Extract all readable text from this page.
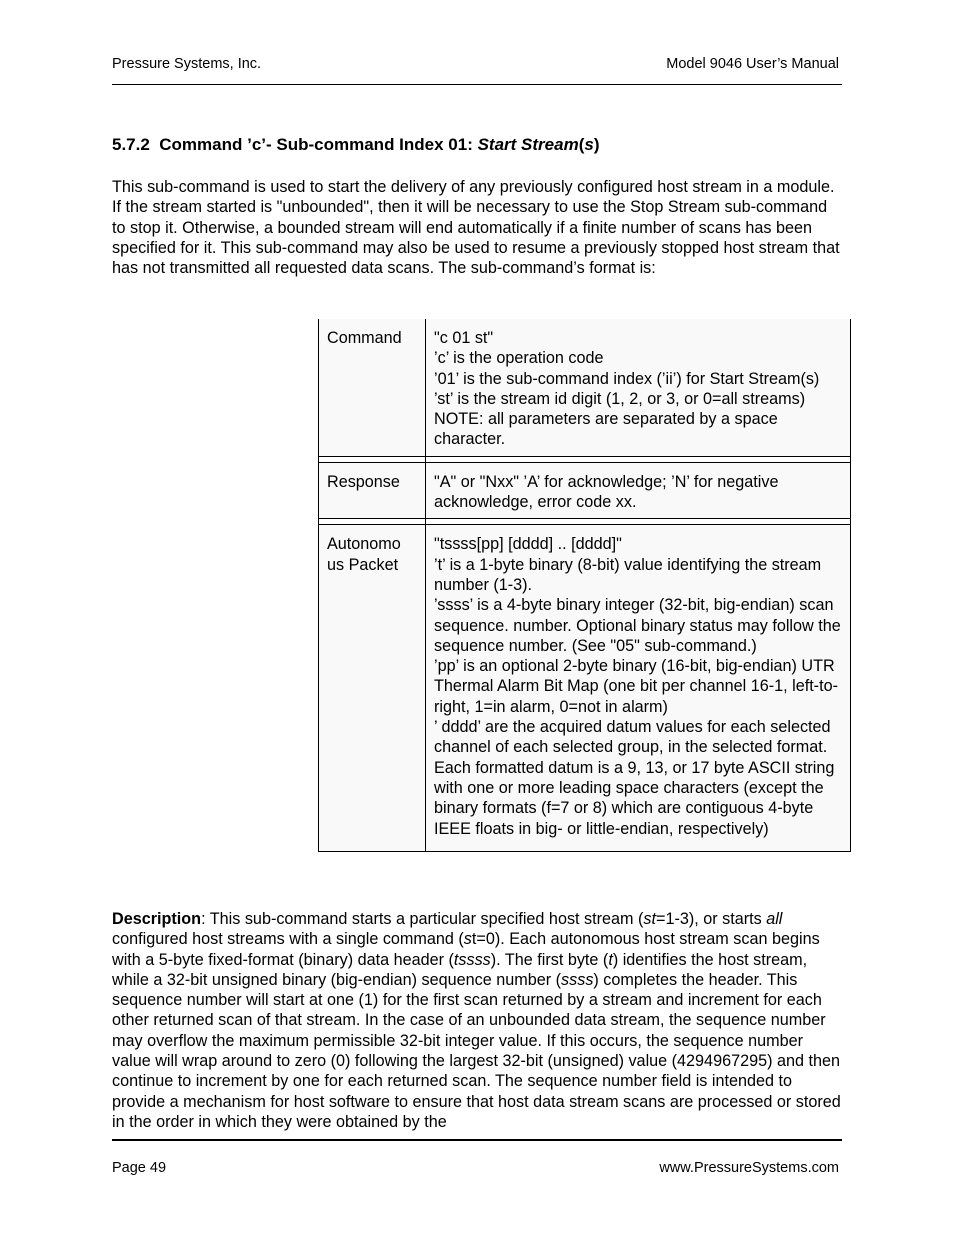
Pressure Systems, Inc.	Model 9046 User’s Manual
5.7.2 Command ’c’- Sub-command Index 01: Start Stream(s)

This sub-command is used to start the delivery of any previously configured host stream in a module. If the stream started is "unbounded", then it will be necessary to use the Stop Stream sub-command to stop it. Otherwise, a bounded stream will end automatically if a finite number of scans has been specified for it. This sub-command may also be used to resume a previously stopped host stream that has not transmitted all requested data scans. The sub-command’s format is:

Command	"c 01 st"
’c’ is the operation code
’01’ is the sub-command index (’ii’) for Start Stream(s)
’st’ is the stream id digit (1, 2, or 3, or 0=all streams)
NOTE: all parameters are separated by a space character.

Response	"A" or "Nxx" ’A’ for acknowledge; ’N’ for negative acknowledge, error code xx.

Autonomo us Packet	"tssss[pp] [dddd] .. [dddd]"
’t’ is a 1-byte binary (8-bit) value identifying the stream number (1-3).
’ssss’ is a 4-byte binary integer (32-bit, big-endian) scan sequence. number. Optional binary status may follow the sequence number. (See "05" sub-command.)
’pp’ is an optional 2-byte binary (16-bit, big-endian) UTR Thermal Alarm Bit Map (one bit per channel 16-1, left-to-right, 1=in alarm, 0=not in alarm)
’ dddd’ are the acquired datum values for each selected channel of each selected group, in the selected format. Each formatted datum is a 9, 13, or 17 byte ASCII string with one or more leading space characters (except the binary formats (f=7 or 8) which are contiguous 4-byte IEEE floats in big- or little-endian, respectively)

Description: This sub-command starts a particular specified host stream (st=1-3), or starts all configured host streams with a single command (st=0). Each autonomous host stream scan begins with a 5-byte fixed-format (binary) data header (tssss). The first byte (t) identifies the host stream, while a 32-bit unsigned binary (big-endian) sequence number (ssss) completes the header. This sequence number will start at one (1) for the first scan returned by a stream and increment for each other returned scan of that stream. In the case of an unbounded data stream, the sequence number may overflow the maximum permissible 32-bit integer value. If this occurs, the sequence number value will wrap around to zero (0) following the largest 32-bit (unsigned) value (4294967295) and then continue to increment by one for each returned scan. The sequence number field is intended to provide a mechanism for host software to ensure that host data stream scans are processed or stored in the order in which they were obtained by the

Page 49	www.PressureSystems.com
